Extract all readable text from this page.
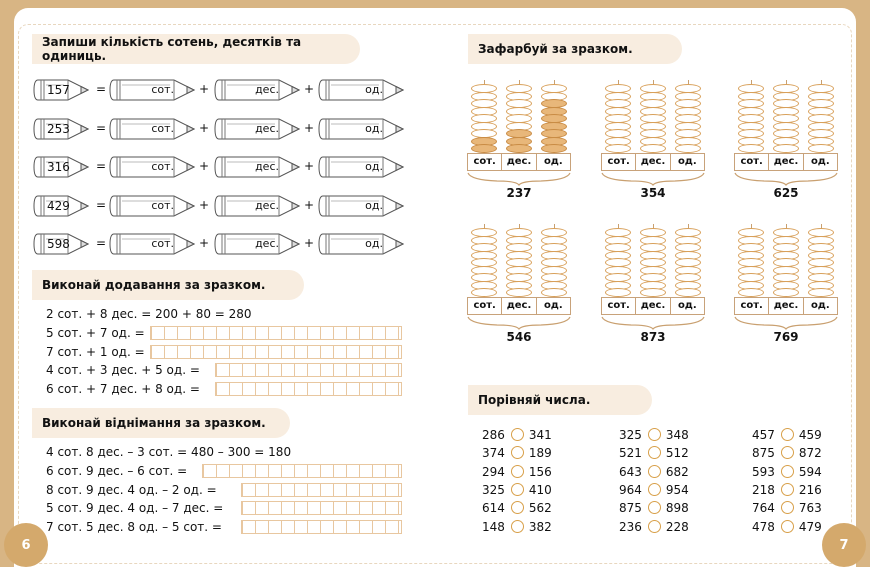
6	7
Запиши кількість сотень, десятків та одиниць.
157 =	сот. +	дес. +	од.
253 =	сот. +	дес. +	од.
316 =	сот. +	дес. +	од.
429 =	сот. +	дес. +	од.
598 =	сот. +	дес. +	од.
Виконай додавання за зразком.
2 сот. + 8 дес. = 200 + 80 = 280
5 сот. + 7 од. =
7 сот. + 1 од. =
4 сот. + 3 дес. + 5 од. =
6 сот. + 7 дес. + 8 од. =
Виконай віднімання за зразком.
4 сот. 8 дес. – 3 сот. = 480 – 300 = 180
6 сот. 9 дес. – 6 сот. =
8 сот. 9 дес. 4 од. – 2 од. =
5 сот. 9 дес. 4 од. – 7 дес. =
7 сот. 5 дес. 8 од. – 5 сот. =
Зафарбуй за зразком.
сот.	дес.	од.
237
сот.	дес.	од.
354
сот.	дес.	од.
625
сот.	дес.	од.
546
сот.	дес.	од.
873
сот.	дес.	од.
769
Порівняй числа.
286 341
374 189
294 156
325 410
614 562
148 382
325 348
521 512
643 682
964 954
875 898
236 228
457 459
875 872
593 594
218 216
764 763
478 479
